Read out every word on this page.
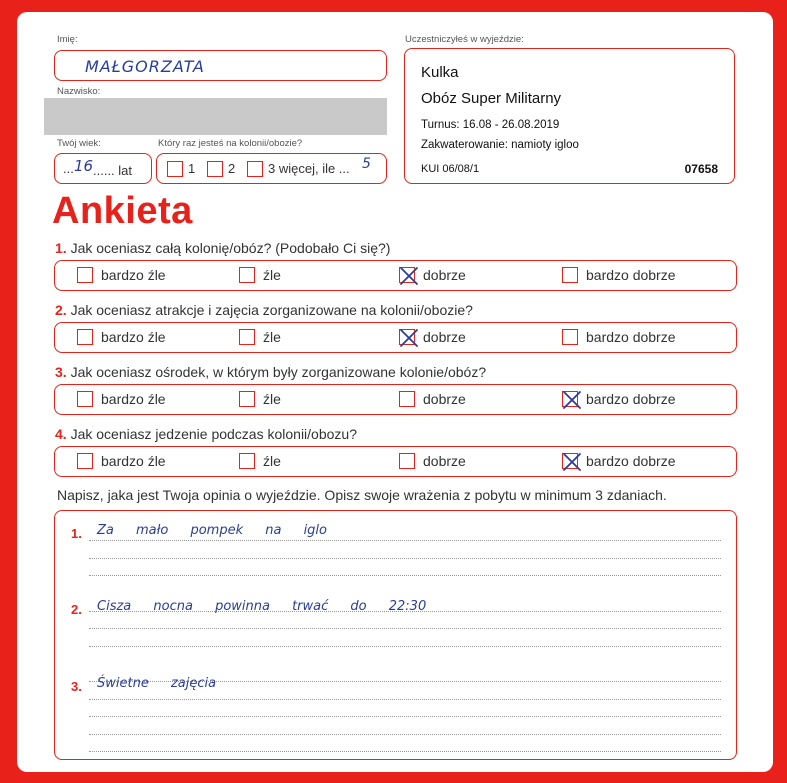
Imię:
MAŁGORZATA
Nazwisko:
Twój wiek:
... 16 ...... lat
Który raz jesteś na kolonii/obozie?
1	2	3 więcej, ile ... 5
Uczestniczyłeś w wyjeździe:
Kulka
Obóz Super Militarny
Turnus: 16.08 - 26.08.2019
Zakwaterowanie: namioty igloo
KUI 06/08/1	07658
Ankieta
1. Jak oceniasz całą kolonię/obóz? (Podobało Ci się?)
bardzo źle	źle	dobrze	bardzo dobrze
2. Jak oceniasz atrakcje i zajęcia zorganizowane na kolonii/obozie?
bardzo źle	źle	dobrze	bardzo dobrze
3. Jak oceniasz ośrodek, w którym były zorganizowane kolonie/obóz?
bardzo źle	źle	dobrze	bardzo dobrze
4. Jak oceniasz jedzenie podczas kolonii/obozu?
bardzo źle	źle	dobrze	bardzo dobrze
Napisz, jaka jest Twoja opinia o wyjeździe. Opisz swoje wrażenia z pobytu w minimum 3 zdaniach.
1. Za mało pompek na iglo
2. Cisza nocna powinna trwać do 22:30
3. Świetne zajęcia
